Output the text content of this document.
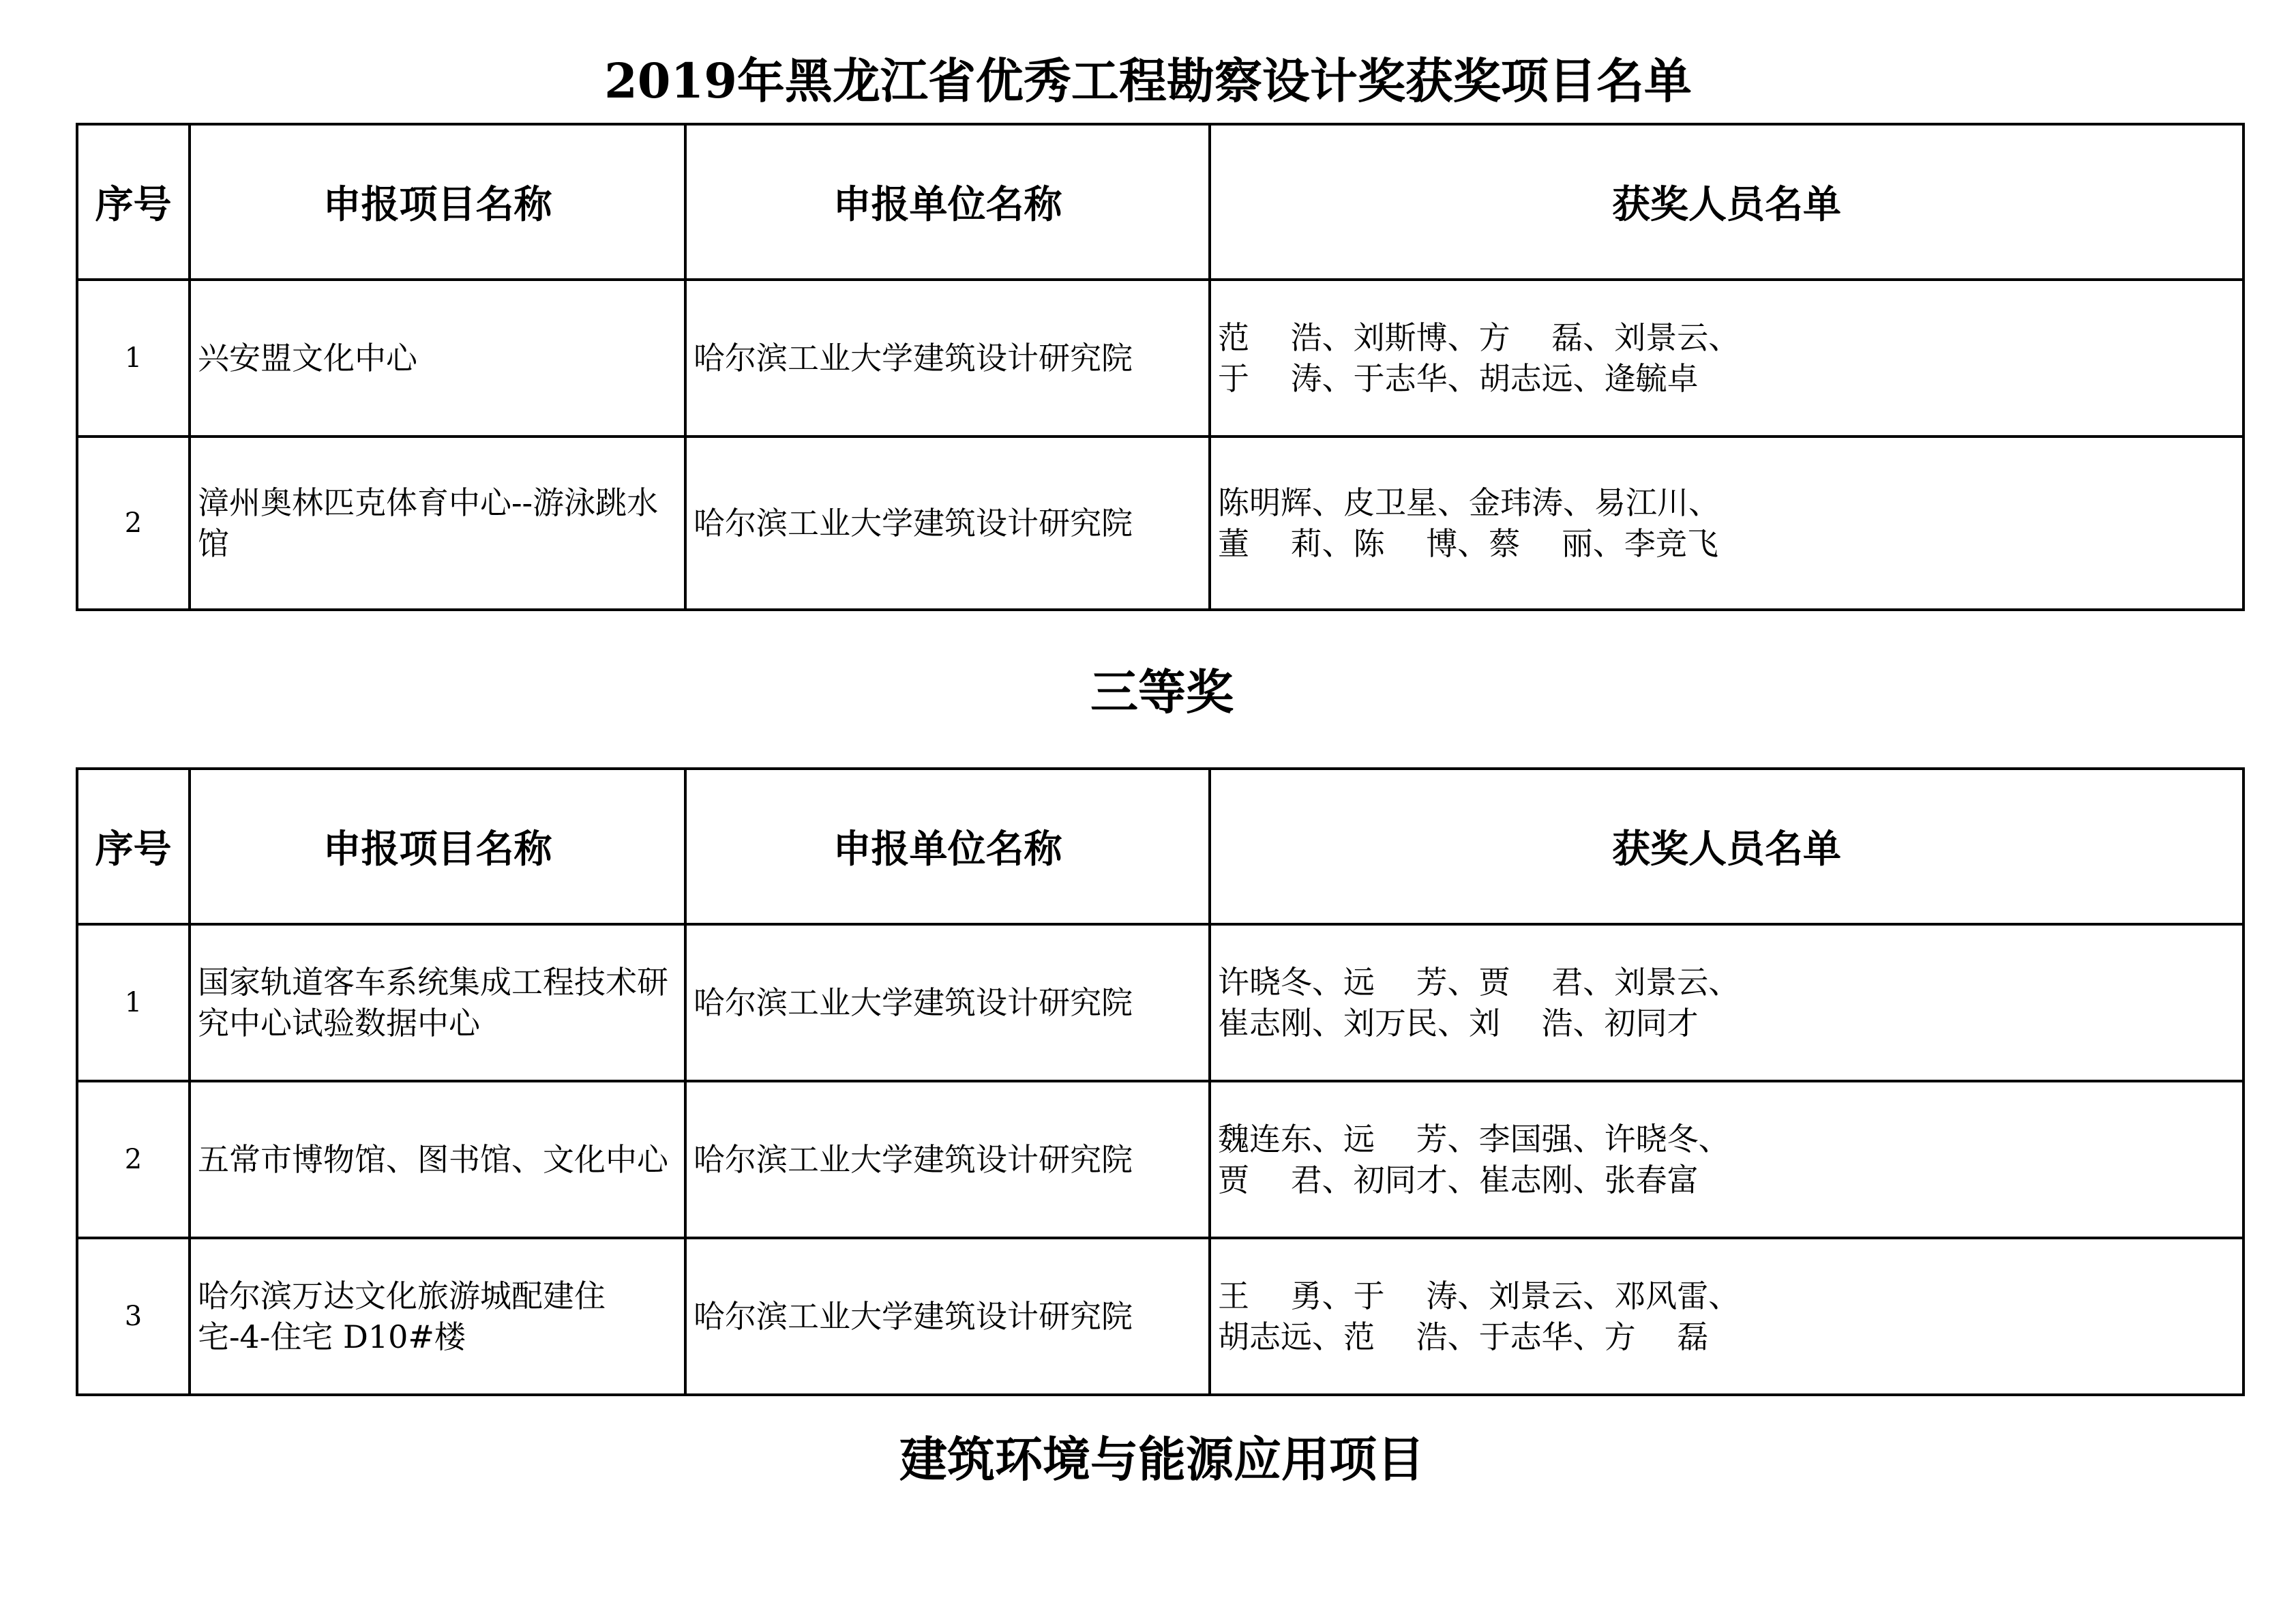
2019年黑龙江省优秀工程勘察设计奖获奖项目名单
序号	申报项目名称	申报单位名称	获奖人员名单
1	兴安盟文化中心	哈尔滨工业大学建筑设计研究院	范　 浩、刘斯博、方　 磊、刘景云、
于　 涛、于志华、胡志远、逄毓卓

2	漳州奥林匹克体育中心--游泳跳水馆	哈尔滨工业大学建筑设计研究院	陈明辉、皮卫星、金玮涛、易江川、
董　 莉、陈　 博、蔡　 丽、李竞飞
三等奖
序号	申报项目名称	申报单位名称	获奖人员名单
1	国家轨道客车系统集成工程技术研究中心试验数据中心	哈尔滨工业大学建筑设计研究院	许晓冬、远　 芳、贾　 君、刘景云、
崔志刚、刘万民、刘　 浩、初同才

2	五常市博物馆、图书馆、文化中心	哈尔滨工业大学建筑设计研究院	魏连东、远　 芳、李国强、许晓冬、
贾　 君、初同才、崔志刚、张春富

3	哈尔滨万达文化旅游城配建住宅-4-住宅 D10#楼	哈尔滨工业大学建筑设计研究院	王　 勇、于　 涛、刘景云、邓风雷、
胡志远、范　 浩、于志华、方　 磊
建筑环境与能源应用项目
